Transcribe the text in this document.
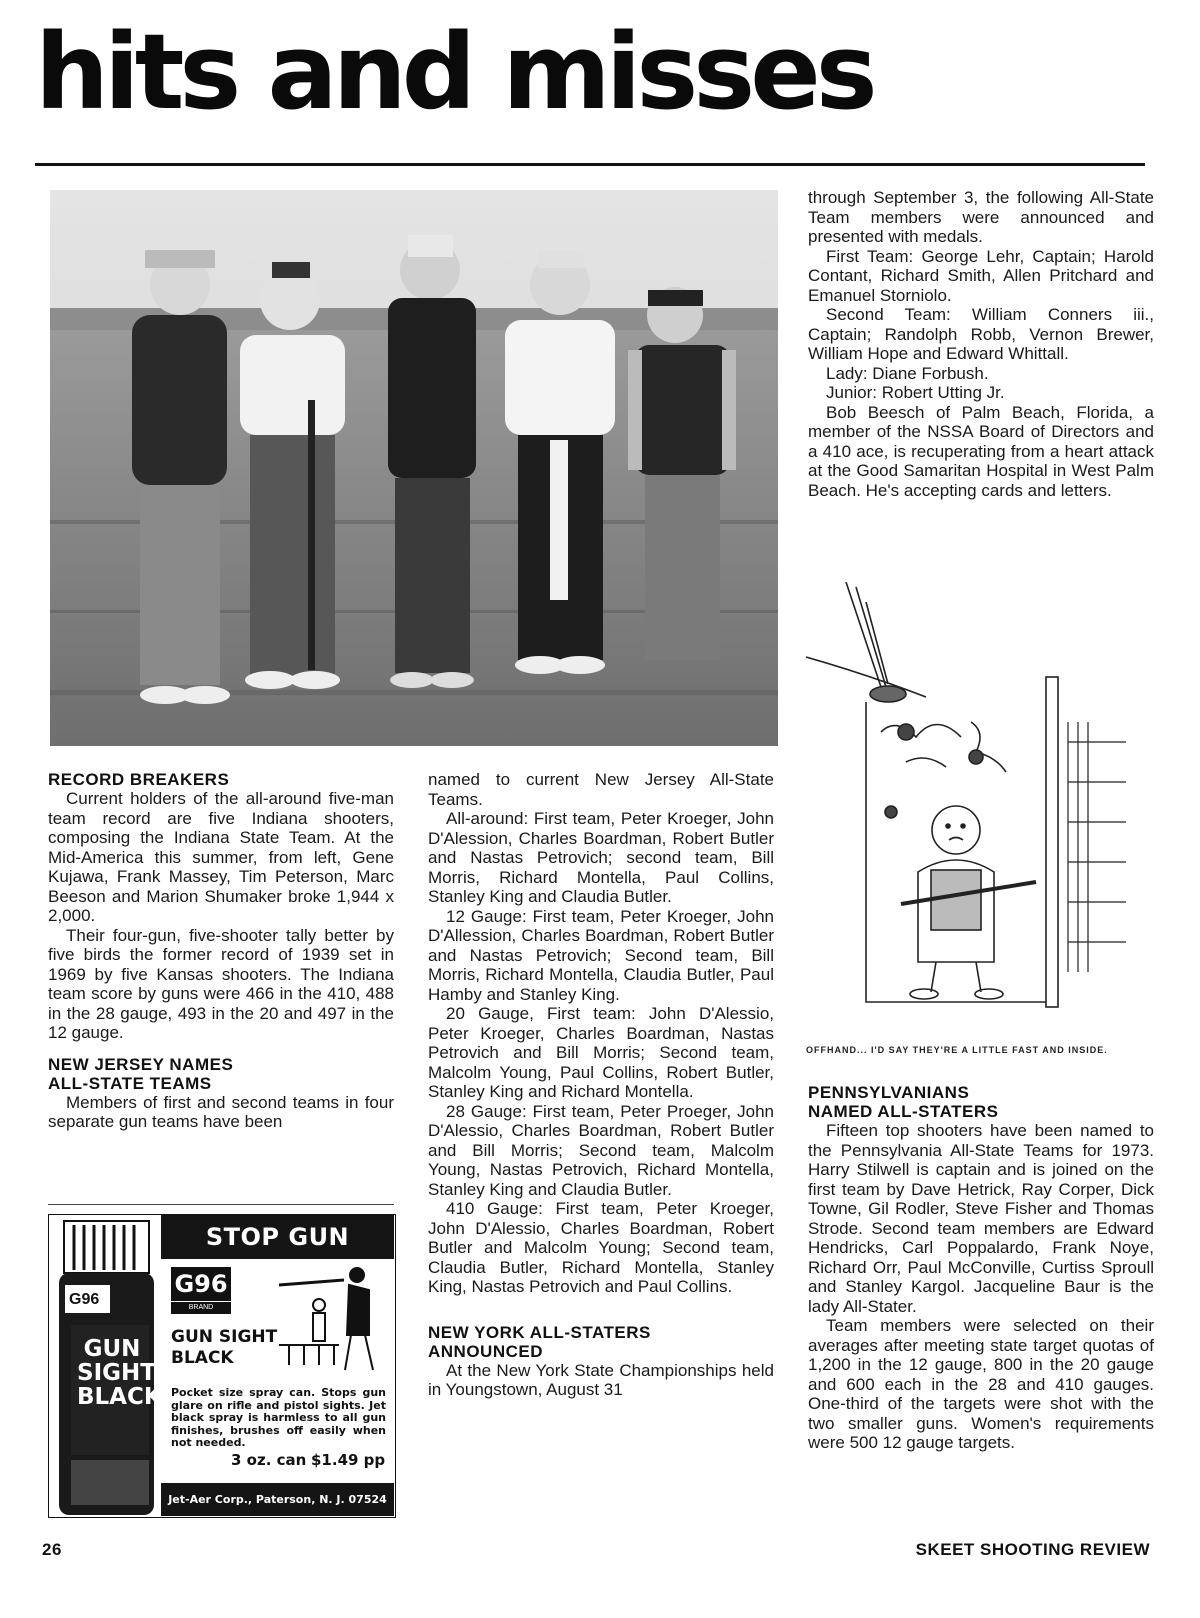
hits and misses

through September 3, the following All-State Team members were announced and presented with medals.

First Team: George Lehr, Captain; Harold Contant, Richard Smith, Allen Pritchard and Emanuel Storniolo.

Second Team: William Conners iii., Captain; Randolph Robb, Vernon Brewer, William Hope and Edward Whittall.

Lady: Diane Forbush.

Junior: Robert Utting Jr.

Bob Beesch of Palm Beach, Florida, a member of the NSSA Board of Directors and a 410 ace, is recuperating from a heart attack at the Good Samaritan Hospital in West Palm Beach. He's accepting cards and letters.

OFFHAND... I'D SAY THEY'RE A LITTLE FAST AND INSIDE.
RECORD BREAKERS

Current holders of the all-around five-man team record are five Indiana shooters, composing the Indiana State Team. At the Mid-America this summer, from left, Gene Kujawa, Frank Massey, Tim Peterson, Marc Beeson and Marion Shumaker broke 1,944 x 2,000.

Their four-gun, five-shooter tally better by five birds the former record of 1939 set in 1969 by five Kansas shooters. The Indiana team score by guns were 466 in the 410, 488 in the 28 gauge, 493 in the 20 and 497 in the 12 gauge.

NEW JERSEY NAMES
ALL-STATE TEAMS

Members of first and second teams in four separate gun teams have been

G96
GUN
SIGHT
BLACK
STOP GUN GLARE
G96
BRAND
GUN SIGHT
BLACK
Pocket size spray can. Stops gun glare on rifle and pistol sights. Jet black spray is harmless to all gun finishes, brushes off easily when not needed.
3 oz. can $1.49 pp
Jet-Aer Corp., Paterson, N. J. 07524

named to current New Jersey All-State Teams.

All-around: First team, Peter Kroeger, John D'Alession, Charles Boardman, Robert Butler and Nastas Petrovich; second team, Bill Morris, Richard Montella, Paul Collins, Stanley King and Claudia Butler.

12 Gauge: First team, Peter Kroeger, John D'Allession, Charles Boardman, Robert Butler and Nastas Petrovich; Second team, Bill Morris, Richard Montella, Claudia Butler, Paul Hamby and Stanley King.

20 Gauge, First team: John D'Alessio, Peter Kroeger, Charles Boardman, Nastas Petrovich and Bill Morris; Second team, Malcolm Young, Paul Collins, Robert Butler, Stanley King and Richard Montella.

28 Gauge: First team, Peter Proeger, John D'Alessio, Charles Boardman, Robert Butler and Bill Morris; Second team, Malcolm Young, Nastas Petrovich, Richard Montella, Stanley King and Claudia Butler.

410 Gauge: First team, Peter Kroeger, John D'Alessio, Charles Boardman, Robert Butler and Malcolm Young; Second team, Claudia Butler, Richard Montella, Stanley King, Nastas Petrovich and Paul Collins.

NEW YORK ALL-STATERS
ANNOUNCED

At the New York State Championships held in Youngstown, August 31

PENNSYLVANIANS
NAMED ALL-STATERS

Fifteen top shooters have been named to the Pennsylvania All-State Teams for 1973. Harry Stilwell is captain and is joined on the first team by Dave Hetrick, Ray Corper, Dick Towne, Gil Rodler, Steve Fisher and Thomas Strode. Second team members are Edward Hendricks, Carl Poppalardo, Frank Noye, Richard Orr, Paul McConville, Curtiss Sproull and Stanley Kargol. Jacqueline Baur is the lady All-Stater.

Team members were selected on their averages after meeting state target quotas of 1,200 in the 12 gauge, 800 in the 20 gauge and 600 each in the 28 and 410 gauges. One-third of the targets were shot with the two smaller guns. Women's requirements were 500 12 gauge targets.

26	SKEET SHOOTING REVIEW
